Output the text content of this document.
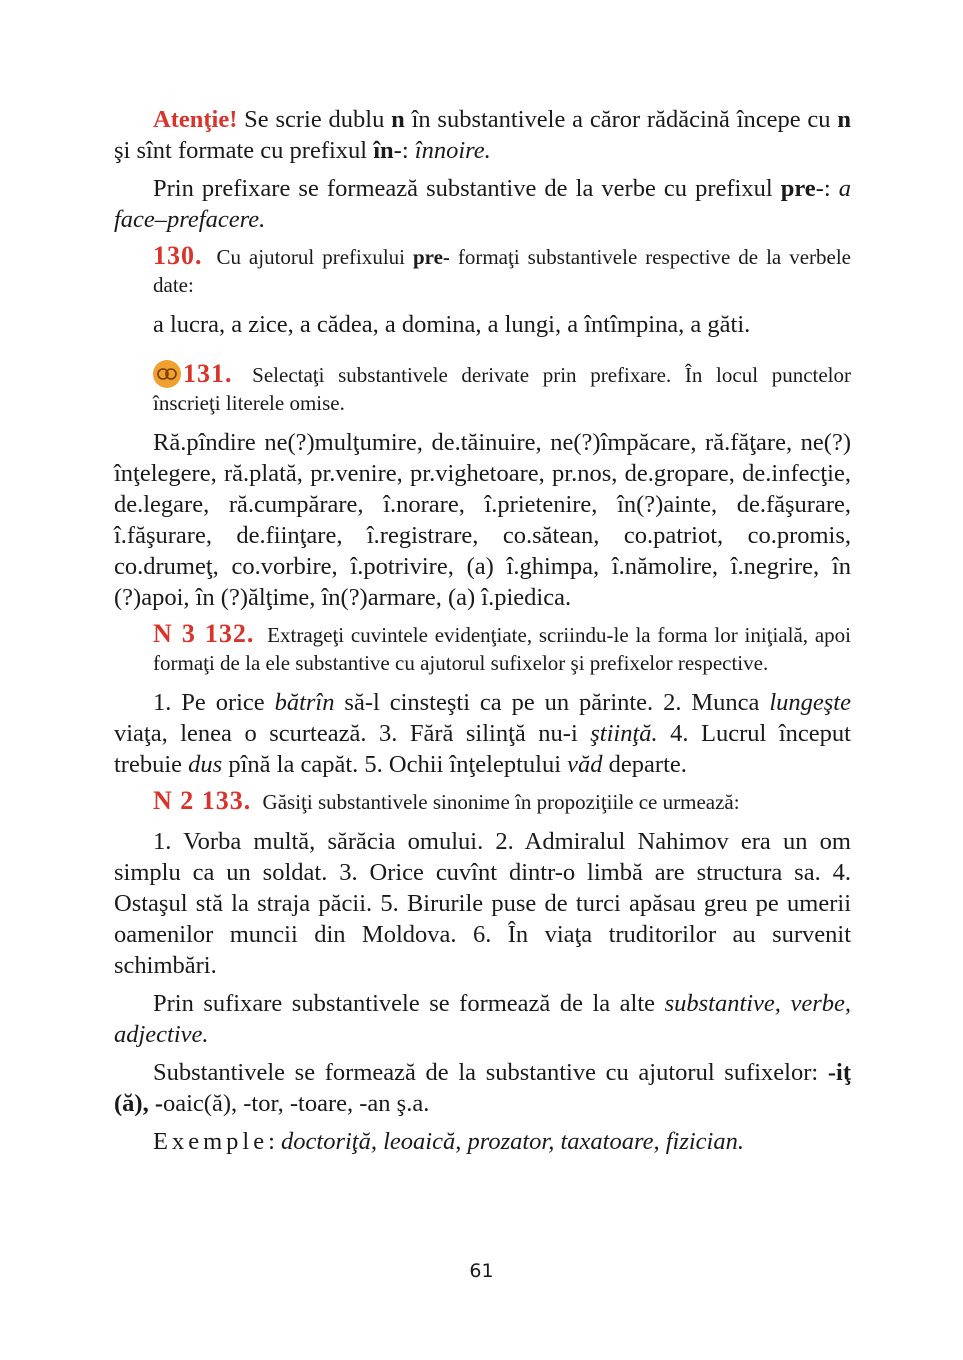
Atenţie! Se scrie dublu n în substantivele a căror rădăcină începe cu n şi sînt formate cu prefixul în-: înnoire.

Prin prefixare se formează substantive de la verbe cu prefixul pre-: a face–prefacere.

130. Cu ajutorul prefixului pre- formaţi substantivele respective de la verbele date:

a lucra, a zice, a cădea, a domina, a lungi, a întîmpina, a găti.

131. Selectaţi substantivele derivate prin prefixare. În locul punctelor înscrieţi literele omise.

Ră.pîndire ne(?)mulţumire, de.tăinuire, ne(?)împăcare, ră.făţare, ne(?) înţelegere, ră.plată, pr.venire, pr.vighetoare, pr.nos, de.gropare, de.infecţie, de.legare, ră.cumpărare, î.norare, î.prietenire, în(?)ainte, de.făşurare, î.făşurare, de.fiinţare, î.registrare, co.sătean, co.patriot, co.promis, co.drumeţ, co.vorbire, î.potrivire, (a) î.ghimpa, î.nămolire, î.negrire, în (?)apoi, în (?)ălţime, în(?)armare, (a) î.piedica.

N 3 132. Extrageţi cuvintele evidenţiate, scriindu-le la forma lor iniţială, apoi formaţi de la ele substantive cu ajutorul sufixelor şi prefixelor respective.

1. Pe orice bătrîn să-l cinsteşti ca pe un părinte. 2. Munca lungeşte viaţa, lenea o scurtează. 3. Fără silinţă nu-i ştiinţă. 4. Lucrul început trebuie dus pînă la capăt. 5. Ochii înţeleptului văd departe.

N 2 133. Găsiţi substantivele sinonime în propoziţiile ce urmează:

1. Vorba multă, sărăcia omului. 2. Admiralul Nahimov era un om simplu ca un soldat. 3. Orice cuvînt dintr-o limbă are structura sa. 4. Ostaşul stă la straja păcii. 5. Birurile puse de turci apăsau greu pe umerii oamenilor muncii din Moldova. 6. În viaţa truditorilor au survenit schimbări.

Prin sufixare substantivele se formează de la alte substantive, verbe, adjective.

Substantivele se formează de la substantive cu ajutorul sufixelor: -iţ (ă), -oaic(ă), -tor, -toare, -an ş.a.

Exemple: doctoriţă, leoaică, prozator, taxatoare, fizician.

61
